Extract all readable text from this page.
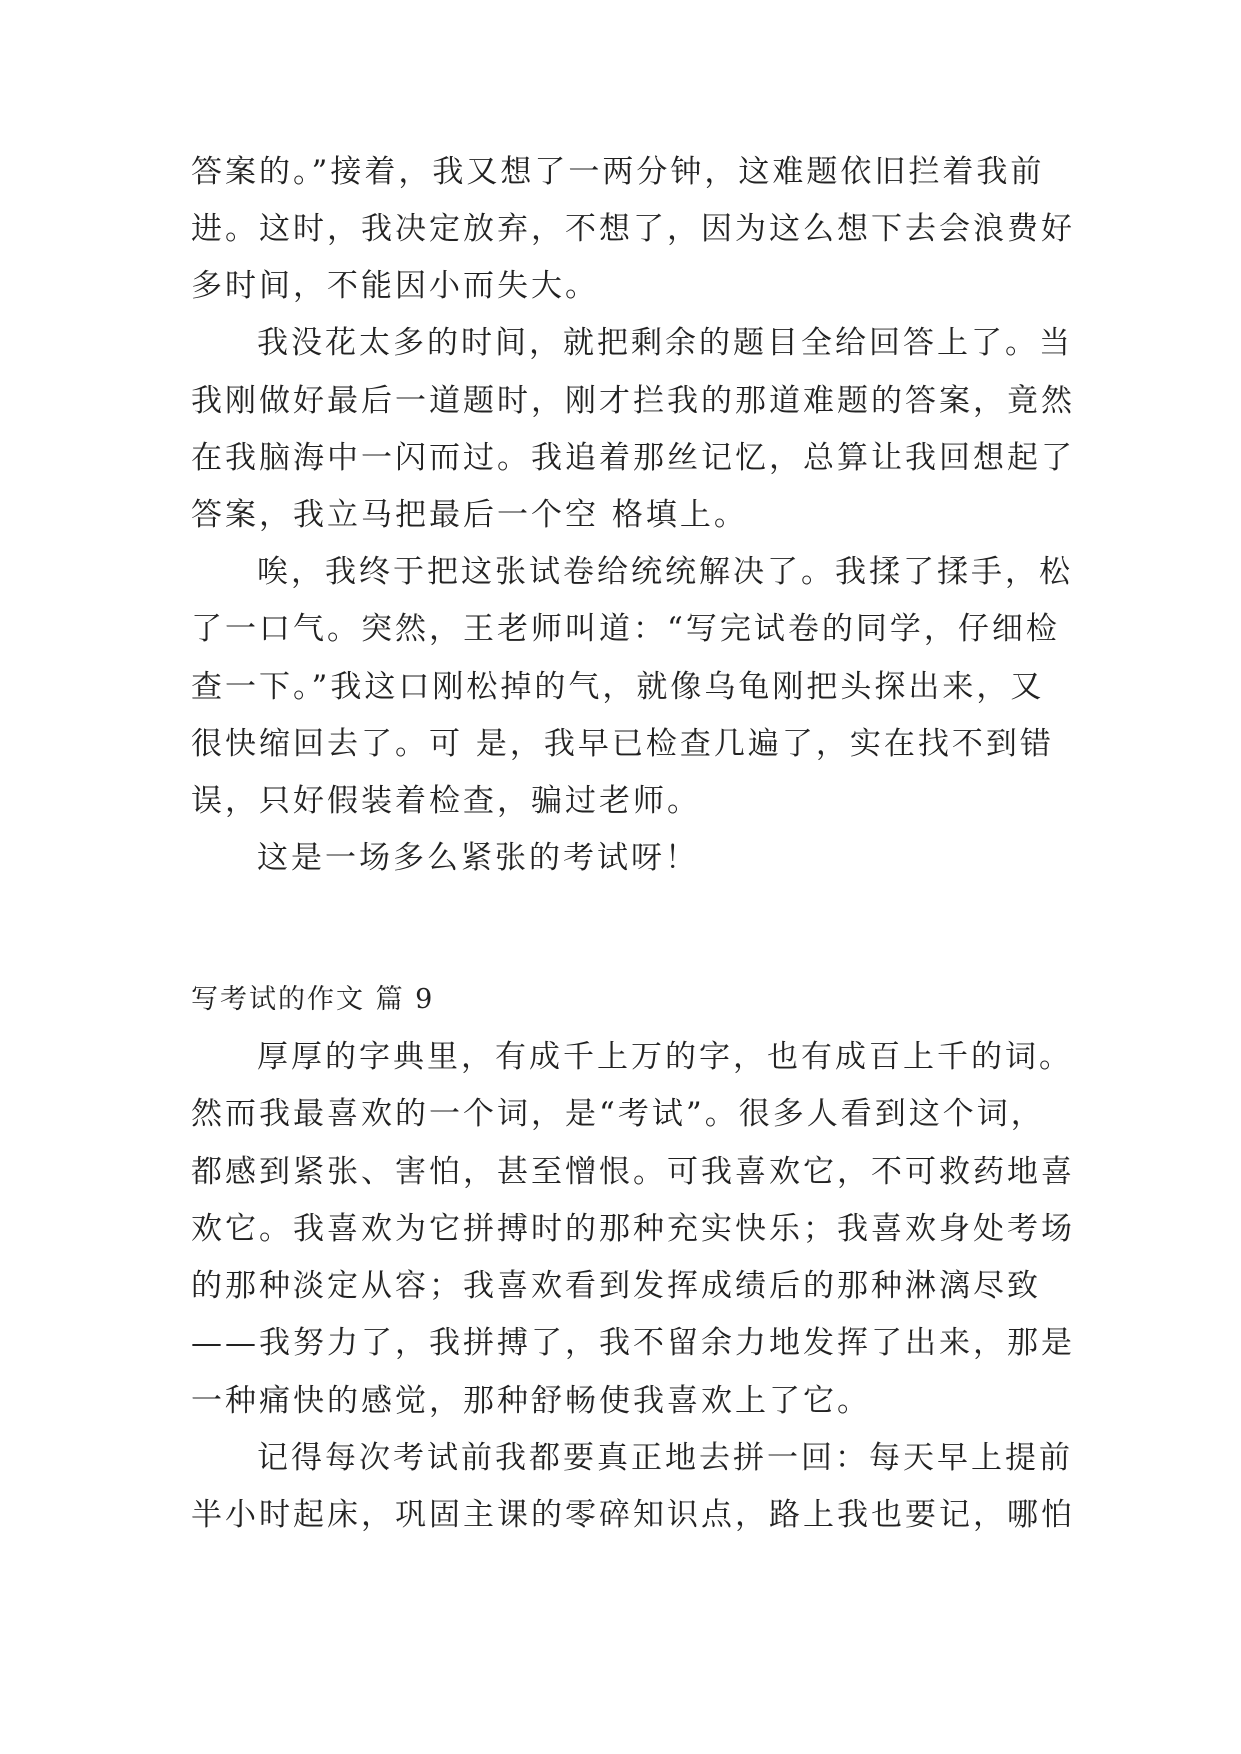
答案的。”接着，我又想了一两分钟，这难题依旧拦着我前

进。这时，我决定放弃，不想了，因为这么想下去会浪费好

多时间，不能因小而失大。

我没花太多的时间，就把剩余的题目全给回答上了。当

我刚做好最后一道题时，刚才拦我的那道难题的答案，竟然

在我脑海中一闪而过。我追着那丝记忆，总算让我回想起了

答案，我立马把最后一个空 格填上。

唉，我终于把这张试卷给统统解决了。我揉了揉手，松

了一口气。突然，王老师叫道：“写完试卷的同学，仔细检

查一下。”我这口刚松掉的气，就像乌龟刚把头探出来，又

很快缩回去了。可 是，我早已检查几遍了，实在找不到错

误，只好假装着检查，骗过老师。

这是一场多么紧张的考试呀！

写考试的作文 篇 9

厚厚的字典里，有成千上万的字，也有成百上千的词。

然而我最喜欢的一个词，是“考试”。很多人看到这个词，

都感到紧张、害怕，甚至憎恨。可我喜欢它，不可救药地喜

欢它。我喜欢为它拼搏时的那种充实快乐；我喜欢身处考场

的那种淡定从容；我喜欢看到发挥成绩后的那种淋漓尽致

——我努力了，我拼搏了，我不留余力地发挥了出来，那是

一种痛快的感觉，那种舒畅使我喜欢上了它。

记得每次考试前我都要真正地去拼一回：每天早上提前

半小时起床，巩固主课的零碎知识点，路上我也要记，哪怕
